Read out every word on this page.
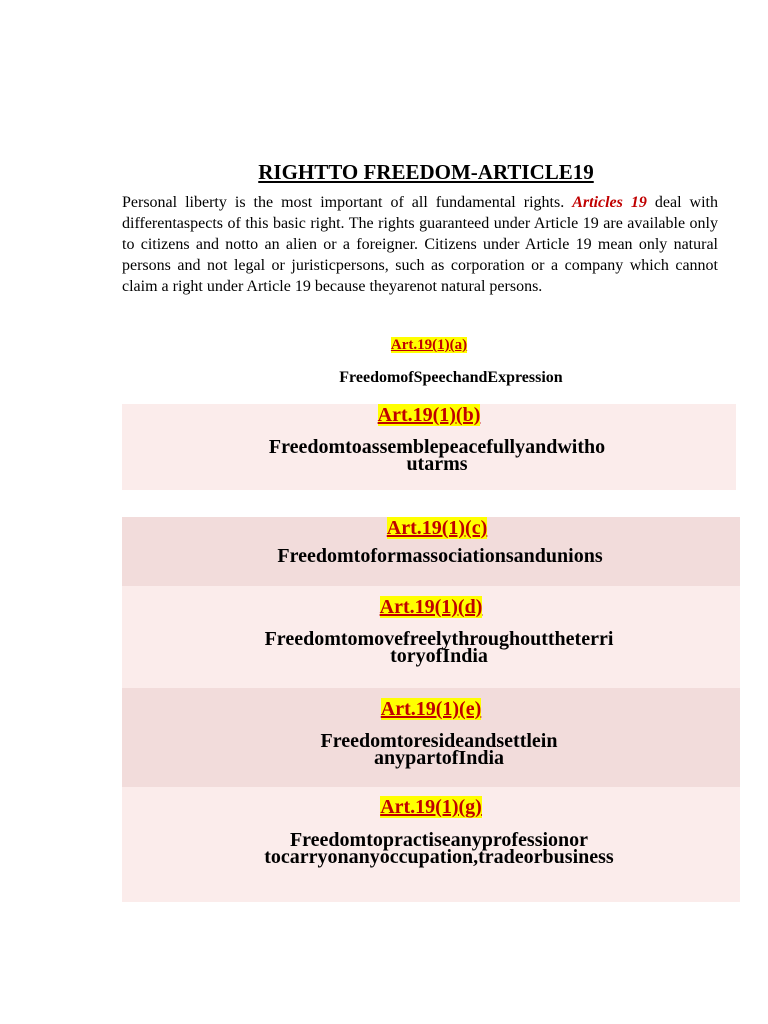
RIGHTTO FREEDOM-ARTICLE19
Personal liberty is the most important of all fundamental rights. Articles 19 deal with differentaspects of this basic right. The rights guaranteed under Article 19 are available only to citizens and notto an alien or a foreigner. Citizens under Article 19 mean only natural persons and not legal or juristicpersons, such as corporation or a company which cannot claim a right under Article 19 because theyarenot natural persons.
Art.19(1)(a)
FreedomofSpeechandExpression
Art.19(1)(b)
Freedomtoassemblepeacefullyandwitho
utarms
Art.19(1)(c)
Freedomtoformassociationsandunions
Art.19(1)(d)
Freedomtomovefreelythroughouttheterri
toryofIndia
Art.19(1)(e)
Freedomtoresideandsettlein
anypartofIndia
Art.19(1)(g)
Freedomtopractiseanyprofessionor
tocarryonanyoccupation,tradeorbusiness
